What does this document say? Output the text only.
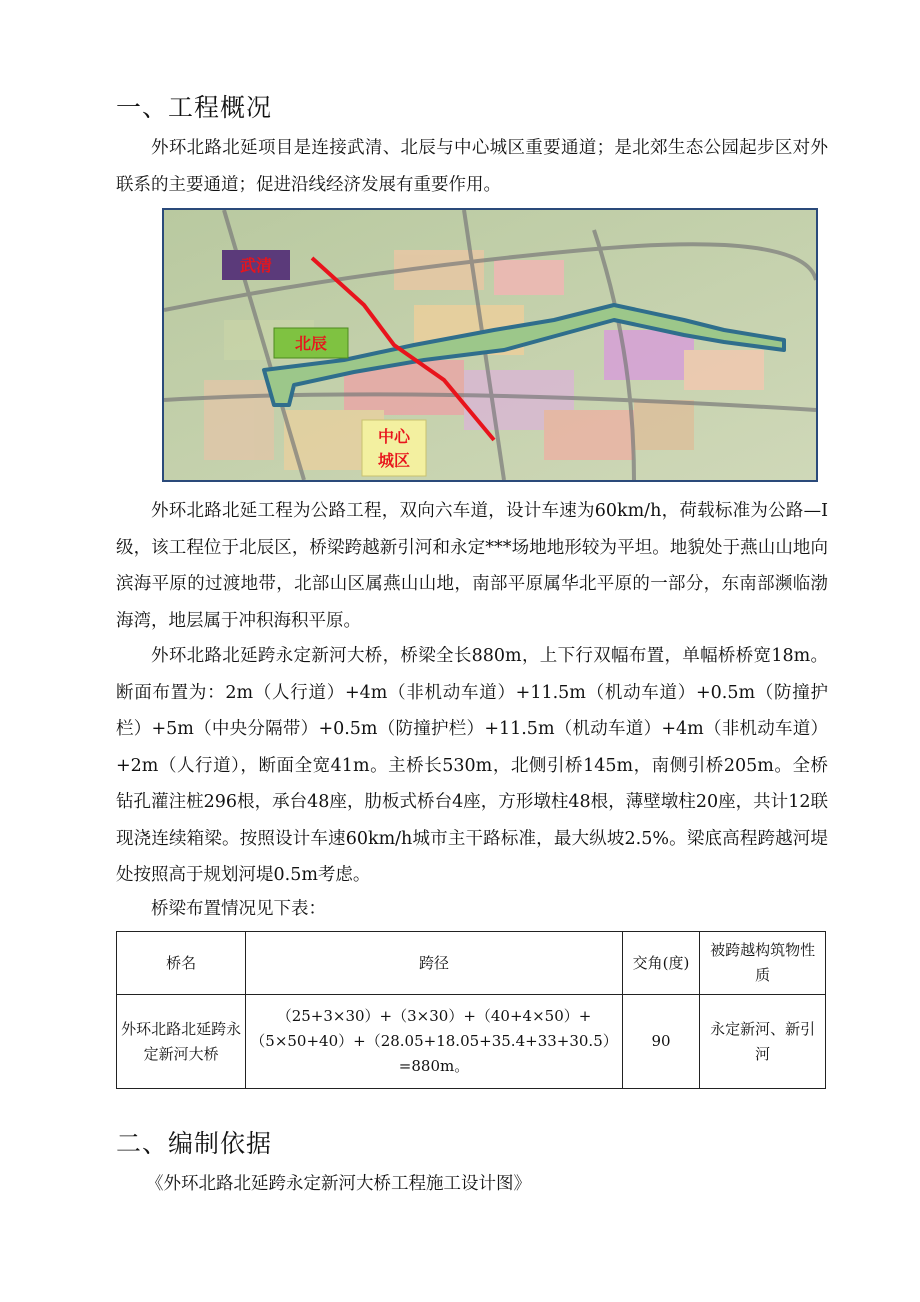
一、工程概况

外环北路北延项目是连接武清、北辰与中心城区重要通道；是北郊生态公园起步区对外联系的主要通道；促进沿线经济发展有重要作用。

武清
北辰
中心
城区

外环北路北延工程为公路工程，双向六车道，设计车速为60km/h，荷载标准为公路—I级，该工程位于北辰区，桥梁跨越新引河和永定***场地地形较为平坦。地貌处于燕山山地向滨海平原的过渡地带，北部山区属燕山山地，南部平原属华北平原的一部分，东南部濒临渤海湾，地层属于冲积海积平原。

外环北路北延跨永定新河大桥，桥梁全长880m，上下行双幅布置，单幅桥桥宽18m。断面布置为：2m（人行道）+4m（非机动车道）+11.5m（机动车道）+0.5m（防撞护栏）+5m（中央分隔带）+0.5m（防撞护栏）+11.5m（机动车道）+4m（非机动车道）+2m（人行道），断面全宽41m。主桥长530m，北侧引桥145m，南侧引桥205m。全桥钻孔灌注桩296根，承台48座，肋板式桥台4座，方形墩柱48根，薄壁墩柱20座，共计12联现浇连续箱梁。按照设计车速60km/h城市主干路标准，最大纵坡2.5%。梁底高程跨越河堤处按照高于规划河堤0.5m考虑。

桥梁布置情况见下表：

桥名	跨径	交角(度)	被跨越构筑物性质
外环北路北延跨永定新河大桥	（25+3×30）+（3×30）+（40+4×50）+
（5×50+40）+（28.05+18.05+35.4+33+30.5）
=880m。	90	永定新河、新引河
二、编制依据

《外环北路北延跨永定新河大桥工程施工设计图》
